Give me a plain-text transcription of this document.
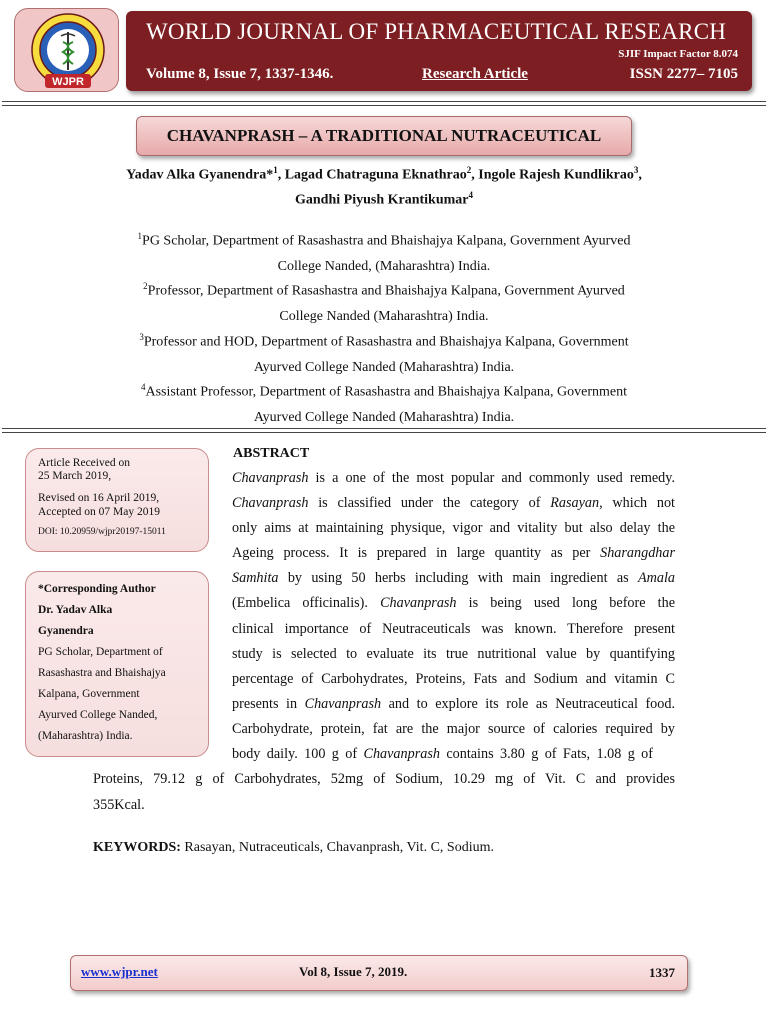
WJPR
WORLD JOURNAL OF PHARMACEUTICAL RESEARCH
SJIF Impact Factor 8.074
Volume 8, Issue 7, 1337-1346.	Research Article	ISSN 2277– 7105
CHAVANPRASH – A TRADITIONAL NUTRACEUTICAL
Yadav Alka Gyanendra*$^1$, Lagad Chatraguna Eknathrao$^2$, Ingole Rajesh Kundlikrao$^3$,
Gandhi Piyush Krantikumar$^4$
$^1$PG Scholar, Department of Rasashastra and Bhaishajya Kalpana, Government Ayurved
College Nanded, (Maharashtra) India.
$^2$Professor, Department of Rasashastra and Bhaishajya Kalpana, Government Ayurved
College Nanded (Maharashtra) India.
$^3$Professor and HOD, Department of Rasashastra and Bhaishajya Kalpana, Government
Ayurved College Nanded (Maharashtra) India.
$^4$Assistant Professor, Department of Rasashastra and Bhaishajya Kalpana, Government
Ayurved College Nanded (Maharashtra) India.
Article Received on
25 March 2019,
Revised on 16 April 2019,
Accepted on 07 May 2019
DOI: 10.20959/wjpr20197-15011
*Corresponding Author
Dr. Yadav Alka
Gyanendra
PG Scholar, Department of
Rasashastra and Bhaishajya
Kalpana, Government
Ayurved College Nanded,
(Maharashtra) India.
ABSTRACT
Chavanprash is a one of the most popular and commonly used remedy.
Chavanprash is classified under the category of Rasayan, which not
only aims at maintaining physique, vigor and vitality but also delay the
Ageing process. It is prepared in large quantity as per Sharangdhar
Samhita by using 50 herbs including with main ingredient as Amala
(Embelica officinalis). Chavanprash is being used long before the
clinical importance of Neutraceuticals was known. Therefore present
study is selected to evaluate its true nutritional value by quantifying
percentage of Carbohydrates, Proteins, Fats and Sodium and vitamin C
presents in Chavanprash and to explore its role as Neutraceutical food.
Carbohydrate, protein, fat are the major source of calories required by
body daily. 100 g of Chavanprash contains 3.80 g of Fats, 1.08 g of
Proteins, 79.12 g of Carbohydrates, 52mg of Sodium, 10.29 mg of Vit. C and provides
355Kcal.
KEYWORDS: Rasayan, Nutraceuticals, Chavanprash, Vit. C, Sodium.
www.wjpr.net	Vol 8, Issue 7, 2019.	1337
